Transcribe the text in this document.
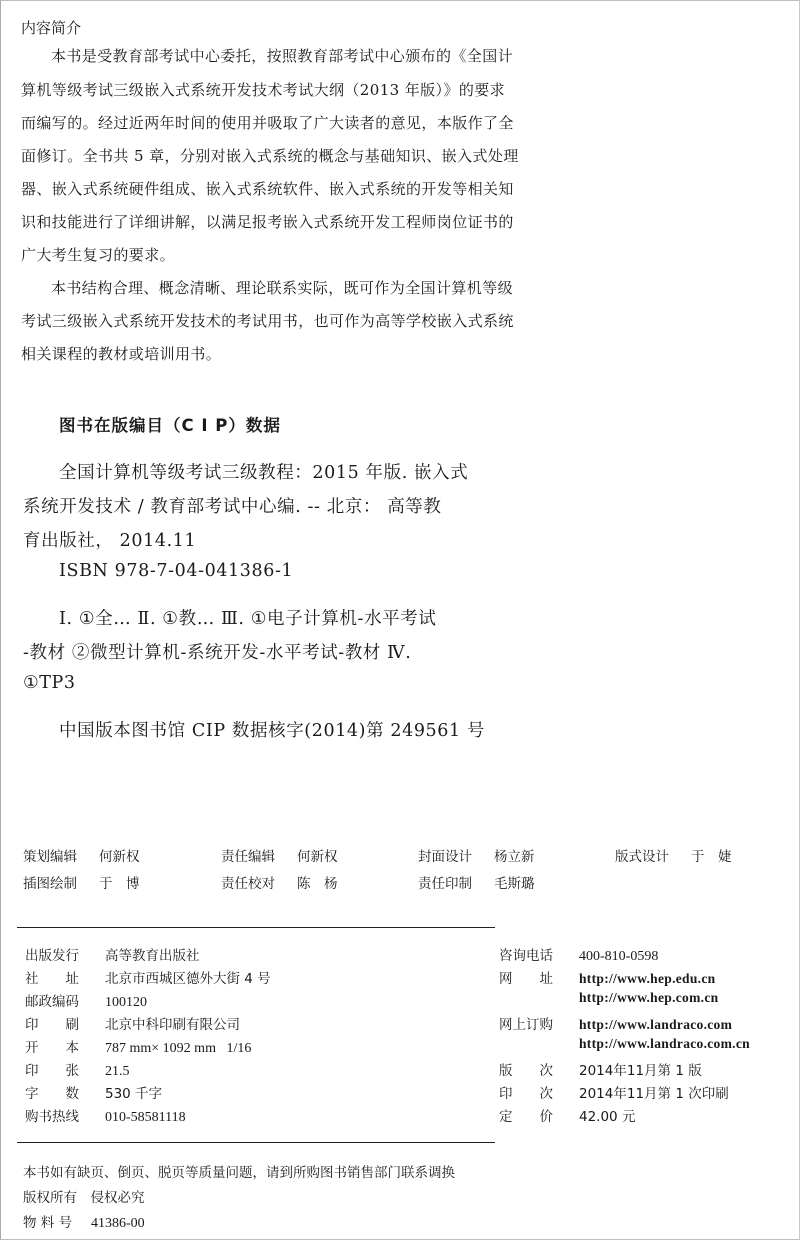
内容简介
本书是受教育部考试中心委托，按照教育部考试中心颁布的《全国计
算机等级考试三级嵌入式系统开发技术考试大纲（2013 年版）》的要求
而编写的。经过近两年时间的使用并吸取了广大读者的意见，本版作了全
面修订。全书共 5 章，分别对嵌入式系统的概念与基础知识、嵌入式处理
器、嵌入式系统硬件组成、嵌入式系统软件、嵌入式系统的开发等相关知
识和技能进行了详细讲解，以满足报考嵌入式系统开发工程师岗位证书的
广大考生复习的要求。
本书结构合理、概念清晰、理论联系实际，既可作为全国计算机等级
考试三级嵌入式系统开发技术的考试用书，也可作为高等学校嵌入式系统
相关课程的教材或培训用书。
图书在版编目（C I P）数据
全国计算机等级考试三级教程：2015 年版. 嵌入式
系统开发技术 / 教育部考试中心编. -- 北京： 高等教
育出版社， 2014.11
ISBN 978-7-04-041386-1
Ⅰ. ①全… Ⅱ. ①教… Ⅲ. ①电子计算机-水平考试
-教材 ②微型计算机-系统开发-水平考试-教材 Ⅳ.
①TP3
中国版本图书馆 CIP 数据核字(2014)第 249561 号
策划编辑 何新权	责任编辑 何新权	封面设计 杨立新	版式设计 于　婕
插图绘制 于　博	责任校对 陈　杨	责任印制 毛斯璐
出版发行 高等教育出版社
社　　址 北京市西城区德外大街 4 号
邮政编码 100120
印　　刷 北京中科印刷有限公司
开　　本 787 mm× 1092 mm   1/16
印　　张 21.5
字　　数 530 千字
购书热线 010-58581118
咨询电话 400-810-0598
网　　址 http://www.hep.edu.cn
http://www.hep.com.cn
网上订购 http://www.landraco.com
http://www.landraco.com.cn
版　　次 2014年11月第 1 版
印　　次 2014年11月第 1 次印刷
定　　价 42.00 元
本书如有缺页、倒页、脱页等质量问题，请到所购图书销售部门联系调换
版权所有　侵权必究
物 料 号 41386-00
